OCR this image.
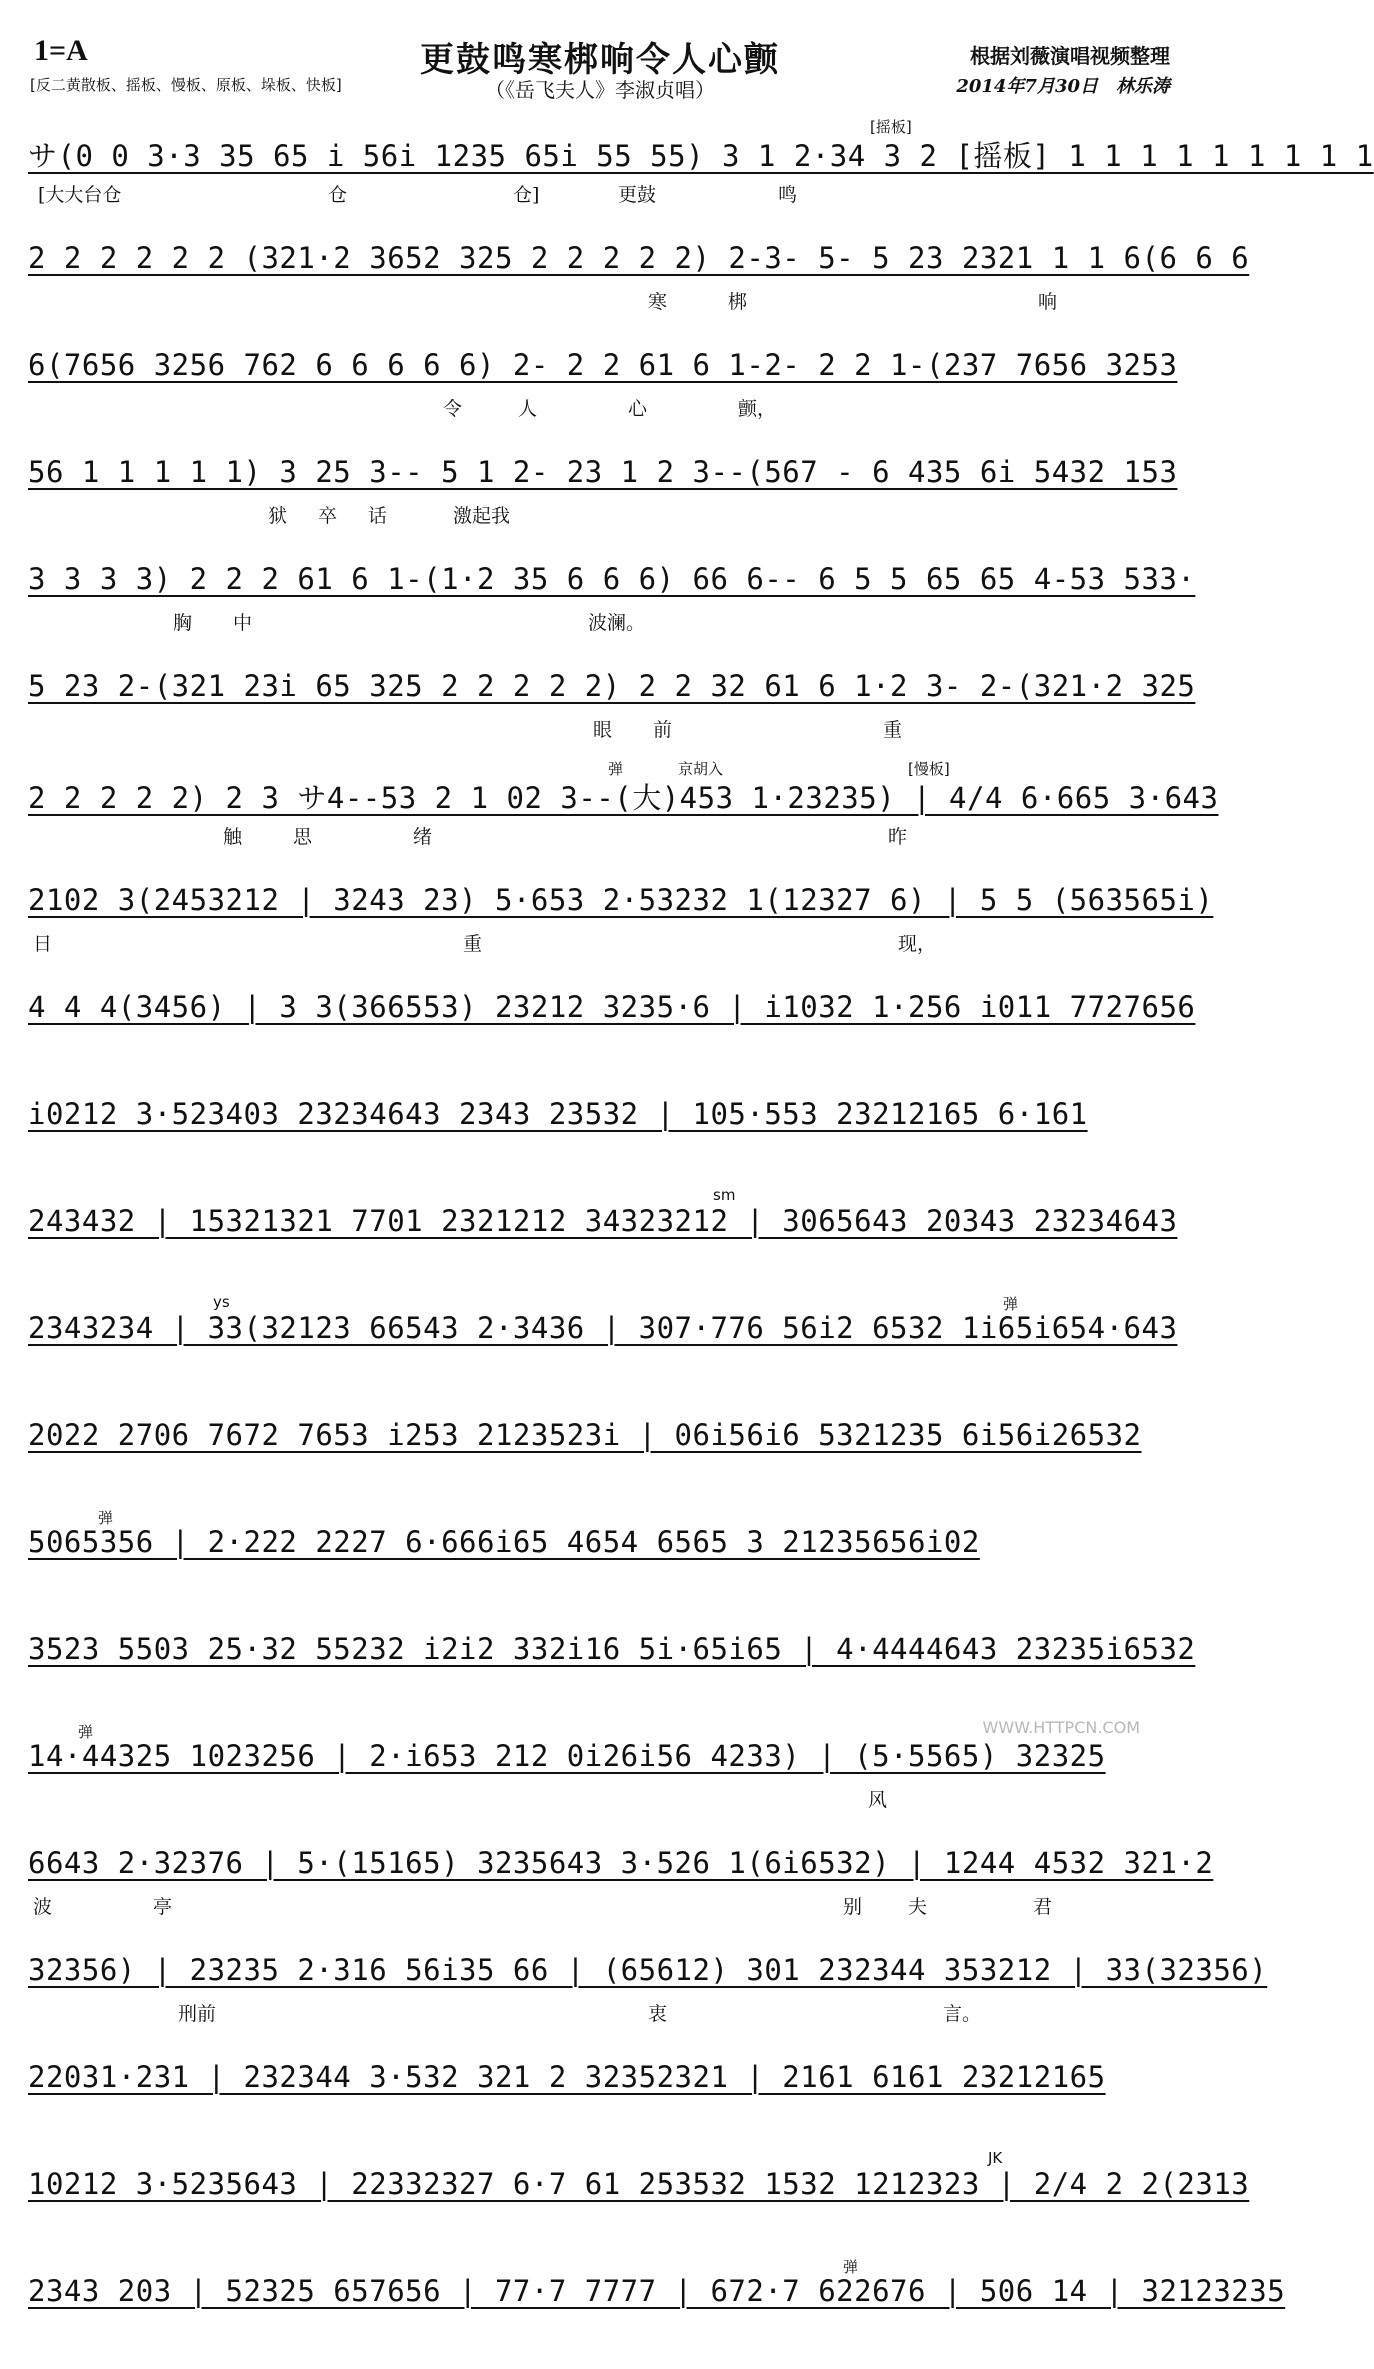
1=A	更鼓鸣寒梆响令人心颤
（《岳飞夫人》李淑贞唱）
[反二黄散板、摇板、慢板、原板、垛板、快板]
根据刘薇演唱视频整理
2014年7月30日　林乐涛
サ(0 0 3·3 35 65 i 56i 1235 65i 55 55) 3 1 2·34 3 2 [摇板] 1 1 1 1 1 1 1 1 1
[摇板]
[大大台仓	仓	仓]	更鼓	鸣
2 2 2 2 2 2 (321·2 3652 325 2 2 2 2 2) 2-3- 5- 5 23 2321 1 1 6(6 6 6
寒	梆	响
6(7656 3256 762 6 6 6 6 6) 2- 2 2 61 6 1-2- 2 2 1-(237 7656 3253
令	人	心	颤，
56 1 1 1 1 1) 3 25 3-- 5 1 2- 23 1 2 3--(567 - 6 435 6i 5432 153
狱 卒 话	激起我
3 3 3 3) 2 2 2 61 6 1-(1·2 35 6 6 6) 66 6-- 6 5 5 65 65 4-53 533·
胸 中	波澜。
5 23 2-(321 23i 65 325 2 2 2 2 2) 2 2 32 61 6 1·2 3- 2-(321·2 325
眼 前	重
2 2 2 2 2) 2 3 サ4--53 2 1 02 3--(大)453 1·23235) | 4/4 6·665 3·643
弹	京胡入	[慢板]
触	思	绪	昨
2102 3(2453212 | 3243 23) 5·653 2·53232 1(12327 6) | 5 5 (563565i)
日	重	现，
4 4 4(3456) | 3 3(366553) 23212 3235·6 | i1032 1·256 i011 7727656
i0212 3·523403 23234643 2343 23532 | 105·553 23212165 6·161
243432 | 15321321 7701 2321212 34323212 | 3065643 20343 23234643
sm
2343234 | 33(32123 66543 2·3436 | 307·776 56i2 6532 1i65i654·643
ys	弹
2022 2706 7672 7653 i253 2123523i | 06i56i6 5321235 6i56i26532
5065356 | 2·222 2227 6·666i65 4654 6565 3 21235656i02
弹
3523 5503 25·32 55232 i2i2 332i16 5i·65i65 | 4·4444643 23235i6532
14·44325 1023256 | 2·i653 212 0i26i56 4233) | (5·5565) 32325
弹
风
6643 2·32376 | 5·(15165) 3235643 3·526 1(6i6532) | 1244 4532 321·2
波	亭	别 夫	君
32356) | 23235 2·316 56i35 66 | (65612) 301 232344 353212 | 33(32356)
刑前	衷	言。
22031·231 | 232344 3·532 321 2 32352321 | 2161 6161 23212165
10212 3·5235643 | 22332327 6·7 61 253532 1532 1212323 | 2/4 2 2(2313
JK
2343 203 | 52325 657656 | 77·7 7777 | 672·7 622676 | 506 14 | 32123235
弹
WWW.HTTPCN.COM
